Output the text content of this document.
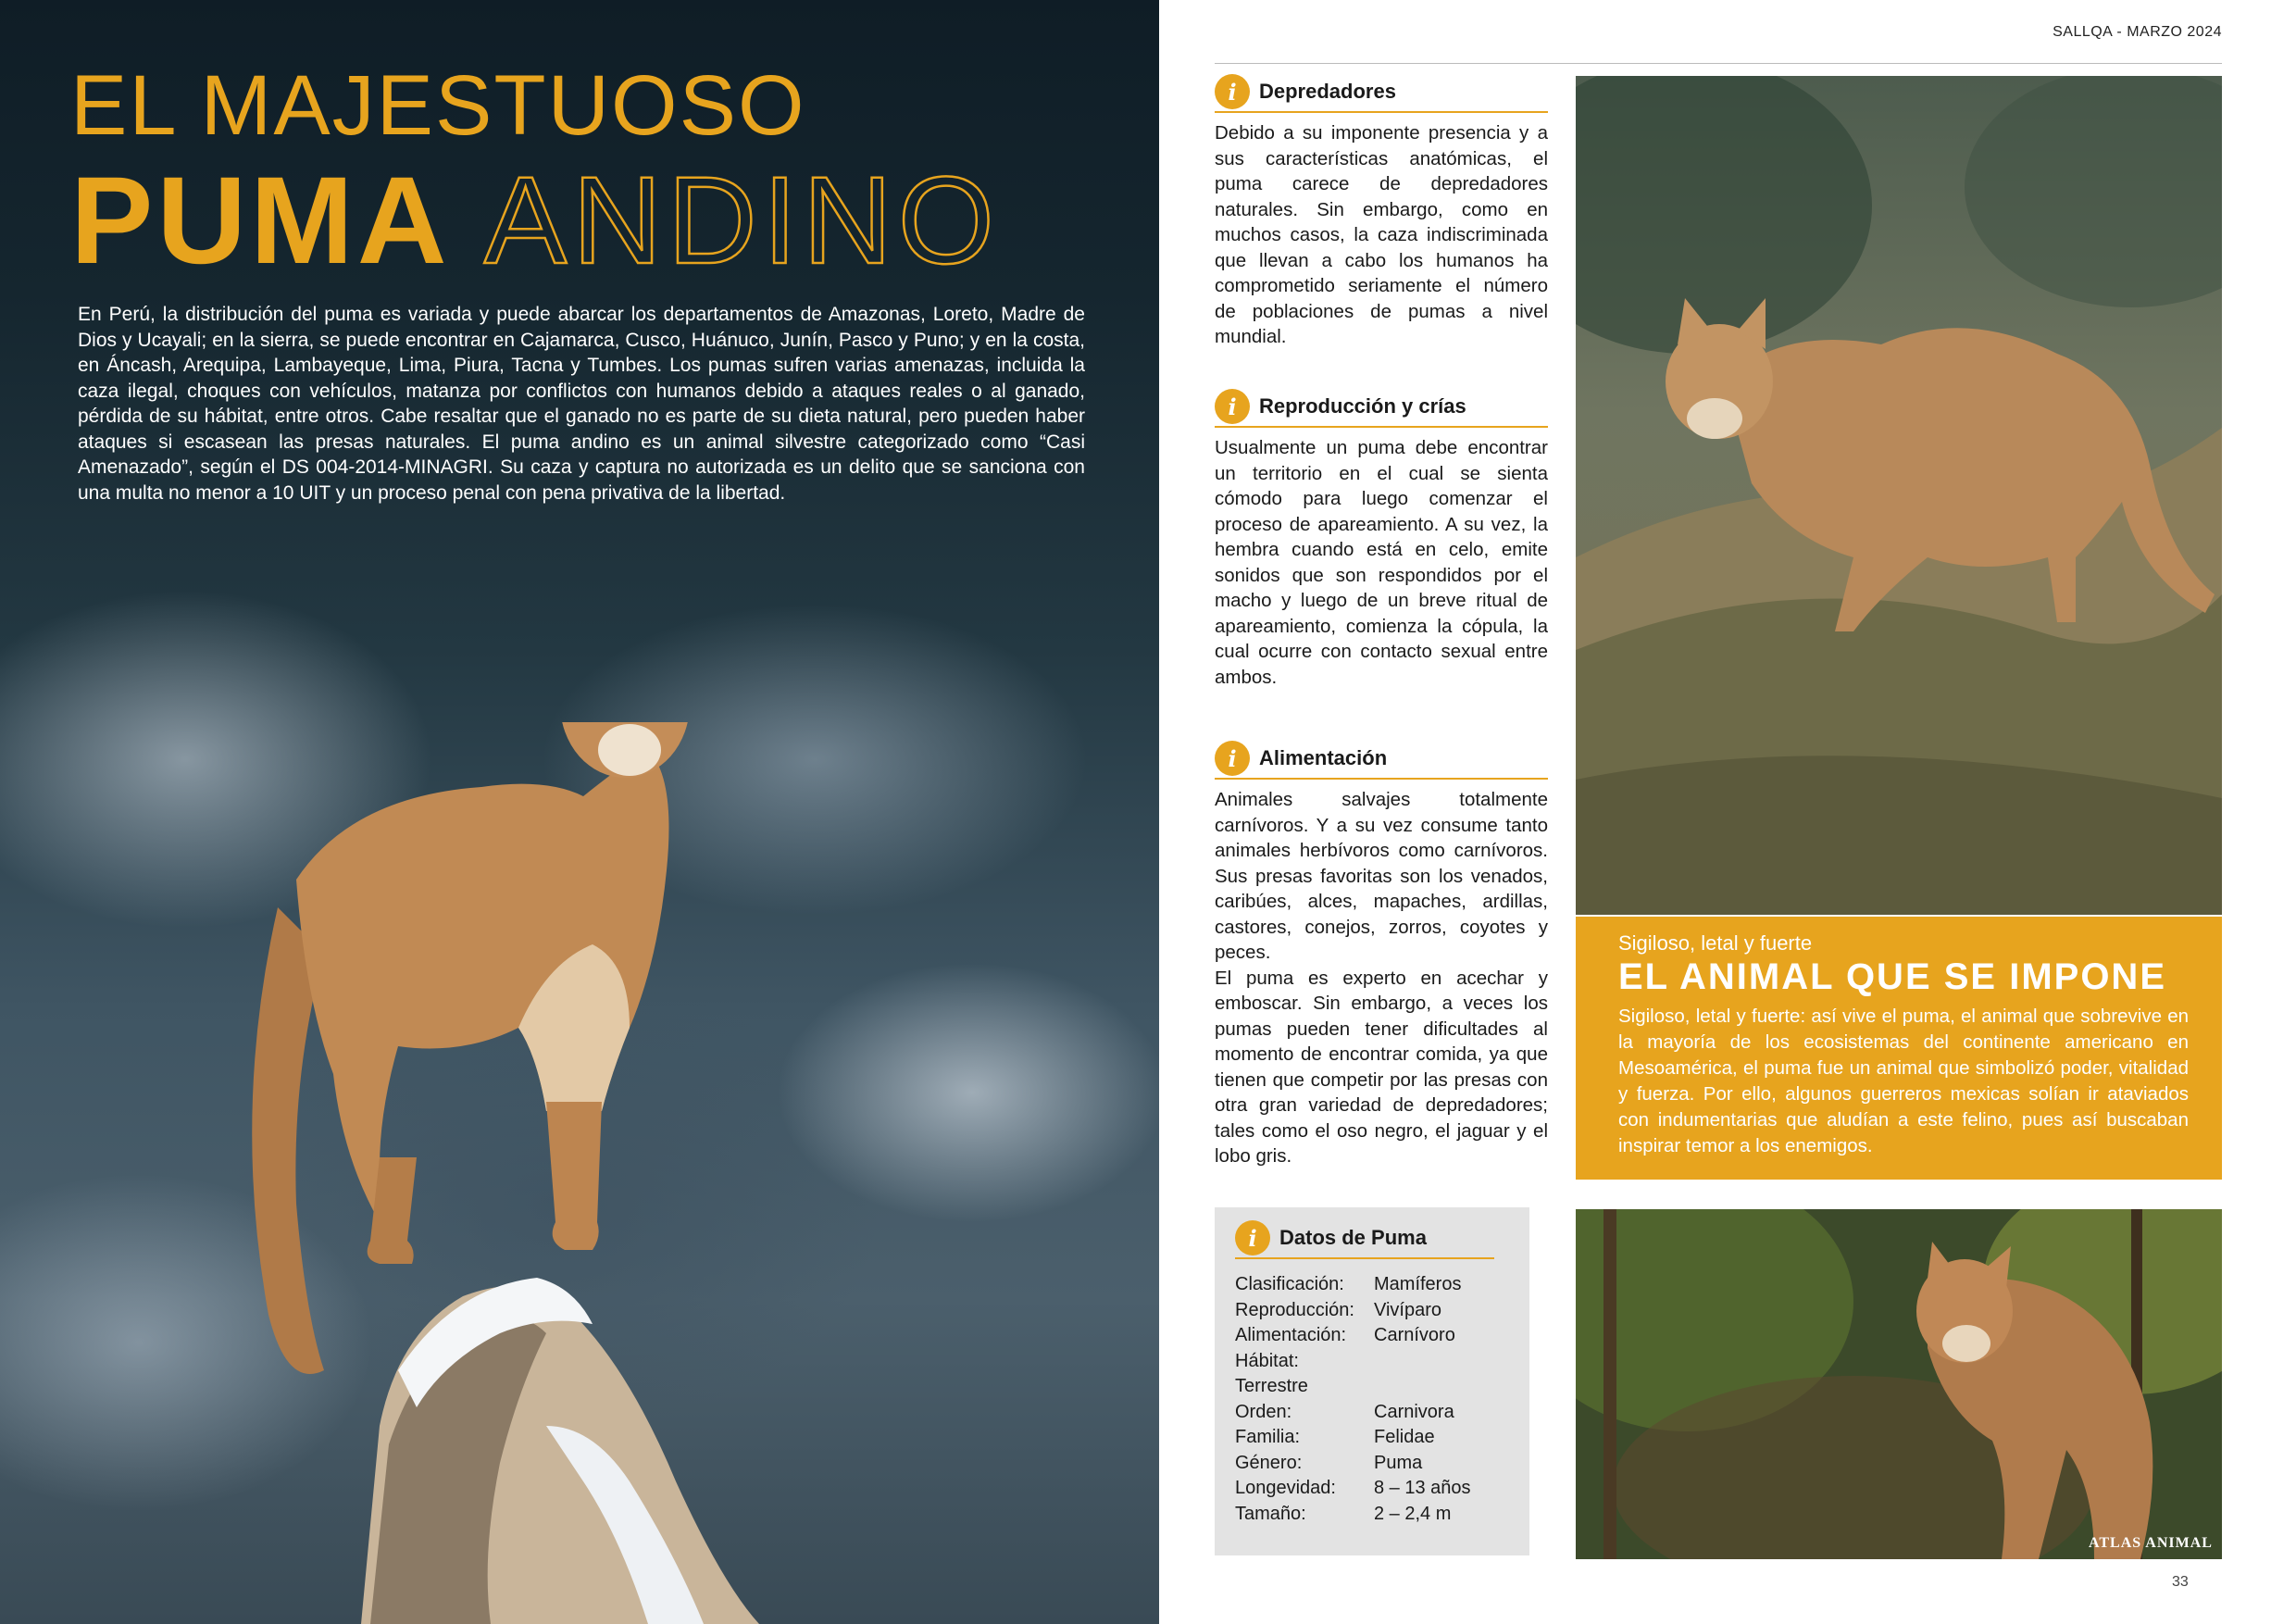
EL MAJESTUOSO
PUMA ANDINO

En Perú, la distribución del puma es variada y puede abarcar los departamentos de Amazonas, Loreto, Madre de Dios y Ucayali; en la sierra, se puede encontrar en Cajamarca, Cusco, Huánuco, Junín, Pasco y Puno; y en la costa, en Áncash, Arequipa, Lambayeque, Lima, Piura, Tacna y Tumbes. Los pumas sufren varias amenazas, incluida la caza ilegal, choques con vehículos, matanza por conflictos con humanos debido a ataques reales o al ganado, pérdida de su hábitat, entre otros. Cabe resaltar que el ganado no es parte de su dieta natural, pero pueden haber ataques si escasean las presas naturales. El puma andino es un animal silvestre categorizado como “Casi Amenazado”, según el DS 004-2014-MINAGRI. Su caza y captura no autorizada es un delito que se sanciona con una multa no menor a 10 UIT y un proceso penal con pena privativa de la libertad.

SALLQA - MARZO 2024
i	Depredadores

Debido a su imponente presencia y a sus características anatómicas, el puma carece de depredadores naturales. Sin embargo, como en muchos casos, la caza indiscriminada que llevan a cabo los humanos ha comprometido seriamente el número de poblaciones de pumas a nivel mundial.

i	Reproducción y crías

Usualmente un puma debe encontrar un territorio en el cual se sienta cómodo para luego comenzar el proceso de apareamiento. A su vez, la hembra cuando está en celo, emite sonidos que son respondidos por el macho y luego de un breve ritual de apareamiento, comienza la cópula, la cual ocurre con contacto sexual entre ambos.

i	Alimentación

Animales salvajes totalmente carnívoros. Y a su vez consume tanto animales herbívoros como carnívoros. Sus presas favoritas son los venados, caribúes, alces, mapaches, ardillas, castores, conejos, zorros, coyotes y peces.

El puma es experto en acechar y emboscar. Sin embargo, a veces los pumas pueden tener dificultades al momento de encontrar comida, ya que tienen que competir por las presas con otra gran variedad de depredadores; tales como el oso negro, el jaguar y el lobo gris.

i	Datos de Puma
Clasificación:	Mamíferos
Reproducción:	Vivíparo
Alimentación:	Carnívoro
Hábitat:
Terrestre
Orden:	Carnivora
Familia:	Felidae
Género:	Puma
Longevidad:	8 – 13 años
Tamaño:	2 – 2,4 m
Sigiloso, letal y fuerte
EL ANIMAL QUE SE IMPONE

Sigiloso, letal y fuerte: así vive el puma, el animal que sobrevive en la mayoría de los ecosistemas del continente americano en Mesoamérica, el puma fue un animal que simbolizó poder, vitalidad y fuerza. Por ello, algunos guerreros mexicas solían ir ataviados con indumentarias que aludían a este felino, pues así buscaban inspirar temor a los enemigos.

ATLAS ANIMAL
33
